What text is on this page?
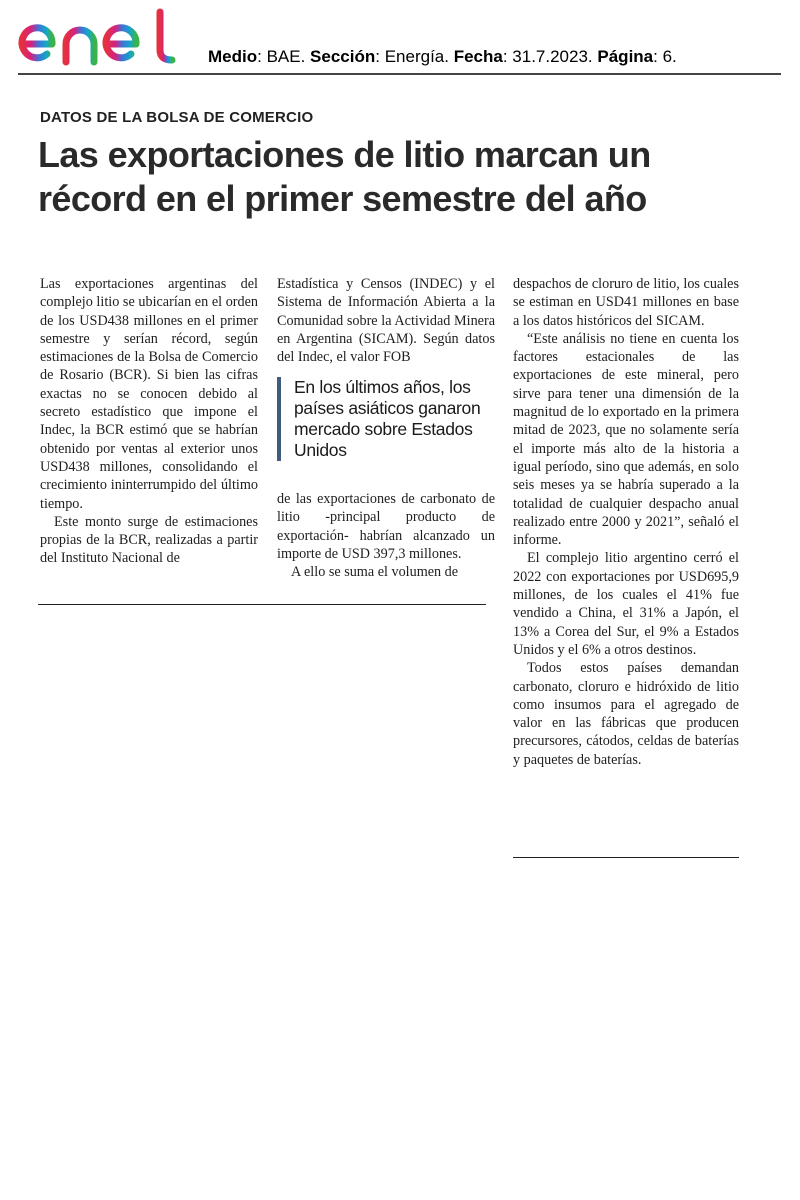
Medio: BAE. Sección: Energía. Fecha: 31.7.2023. Página: 6.
DATOS DE LA BOLSA DE COMERCIO
Las exportaciones de litio marcan un récord en el primer semestre del año

Las exportaciones argentinas del complejo litio se ubicarían en el orden de los USD438 millones en el primer semestre y serían récord, según estimaciones de la Bolsa de Comercio de Rosario (BCR). Si bien las cifras exactas no se conocen debido al secreto estadístico que impone el Indec, la BCR estimó que se habrían obtenido por ventas al exterior unos USD438 millones, consolidando el crecimiento ininterrumpido del último tiempo.

Este monto surge de estimaciones propias de la BCR, realizadas a partir del Instituto Nacional de

Estadística y Censos (INDEC) y el Sistema de Información Abierta a la Comunidad sobre la Actividad Minera en Argentina (SICAM). Según datos del Indec, el valor FOB

En los últimos años, los países asiáticos ganaron mercado sobre Estados Unidos

de las exportaciones de carbonato de litio -principal producto de exportación- habrían alcanzado un importe de USD 397,3 millones.

A ello se suma el volumen de

despachos de cloruro de litio, los cuales se estiman en USD41 millones en base a los datos históricos del SICAM.

“Este análisis no tiene en cuenta los factores estacionales de las exportaciones de este mineral, pero sirve para tener una dimensión de la magnitud de lo exportado en la primera mitad de 2023, que no solamente sería el importe más alto de la historia a igual período, sino que además, en solo seis meses ya se habría superado a la totalidad de cualquier despacho anual realizado entre 2000 y 2021”, señaló el informe.

El complejo litio argentino cerró el 2022 con exportaciones por USD695,9 millones, de los cuales el 41% fue vendido a China, el 31% a Japón, el 13% a Corea del Sur, el 9% a Estados Unidos y el 6% a otros destinos.

Todos estos países demandan carbonato, cloruro e hidróxido de litio como insumos para el agregado de valor en las fábricas que producen precursores, cátodos, celdas de baterías y paquetes de baterías.
